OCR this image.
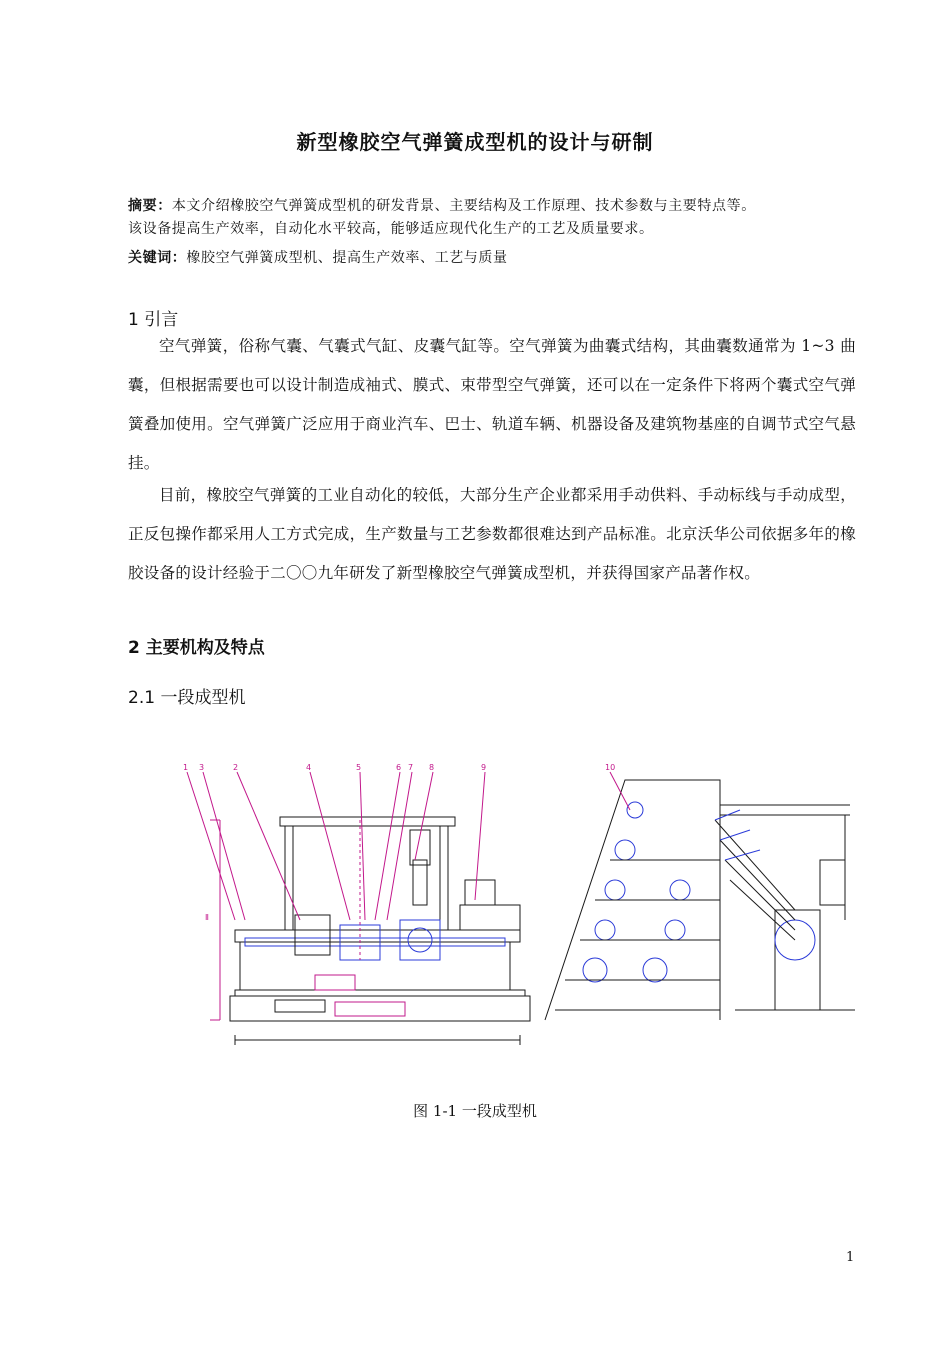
新型橡胶空气弹簧成型机的设计与研制
摘要：本文介绍橡胶空气弹簧成型机的研发背景、主要结构及工作原理、技术参数与主要特点等。
该设备提高生产效率，自动化水平较高，能够适应现代化生产的工艺及质量要求。
关键词：橡胶空气弹簧成型机、提高生产效率、工艺与质量
1 引言
空气弹簧，俗称气囊、气囊式气缸、皮囊气缸等。空气弹簧为曲囊式结构，其曲囊数通常为 1~3 曲囊，但根据需要也可以设计制造成袖式、膜式、束带型空气弹簧，还可以在一定条件下将两个囊式空气弹簧叠加使用。空气弹簧广泛应用于商业汽车、巴士、轨道车辆、机器设备及建筑物基座的自调节式空气悬挂。
目前，橡胶空气弹簧的工业自动化的较低，大部分生产企业都采用手动供料、手动标线与手动成型，正反包操作都采用人工方式完成，生产数量与工艺参数都很难达到产品标准。北京沃华公司依据多年的橡胶设备的设计经验于二〇〇九年研发了新型橡胶空气弹簧成型机，并获得国家产品著作权。
2 主要机构及特点
2.1 一段成型机
1 3	2	4	5	6 7 8	9	10
Ⅱ
图 1-1 一段成型机
1
